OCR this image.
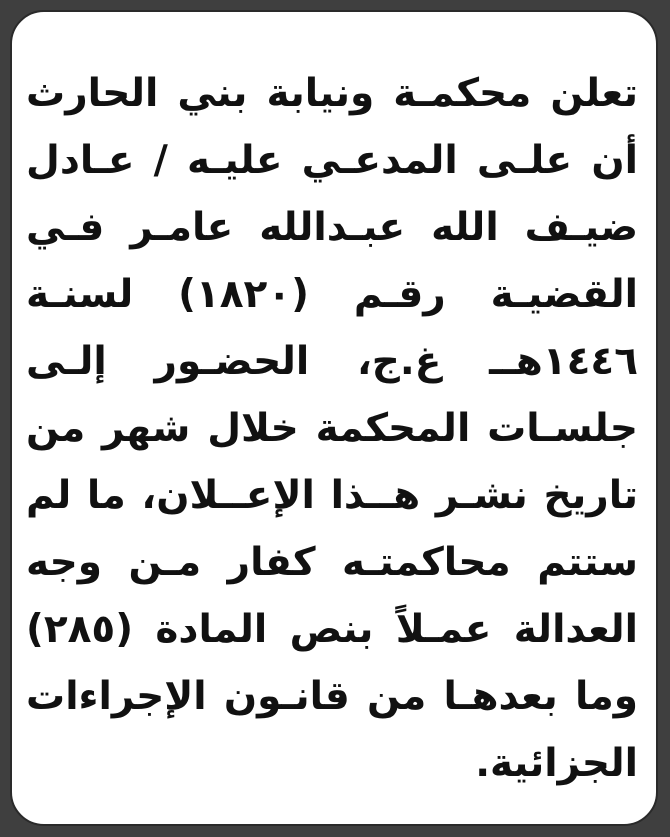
تعلن محكمـة ونيابة بني الحارث
أن علـى المدعـي عليـه / عـادل
ضيـف الله عبـدالله عامـر فـي
القضيـة رقـم (١٨٢٠) لسنـة
١٤٤٦هــ غ.ج، الحضـور إلـى
جلسـات المحكمة خلال شهر من
تاريخ نشـر هــذا الإعــلان، ما لم
ستتم محاكمتـه كفار مـن وجه
العدالة عمـلاً بنص المادة (٢٨٥)
وما بعدهـا من قانـون الإجراءات
الجزائية.
